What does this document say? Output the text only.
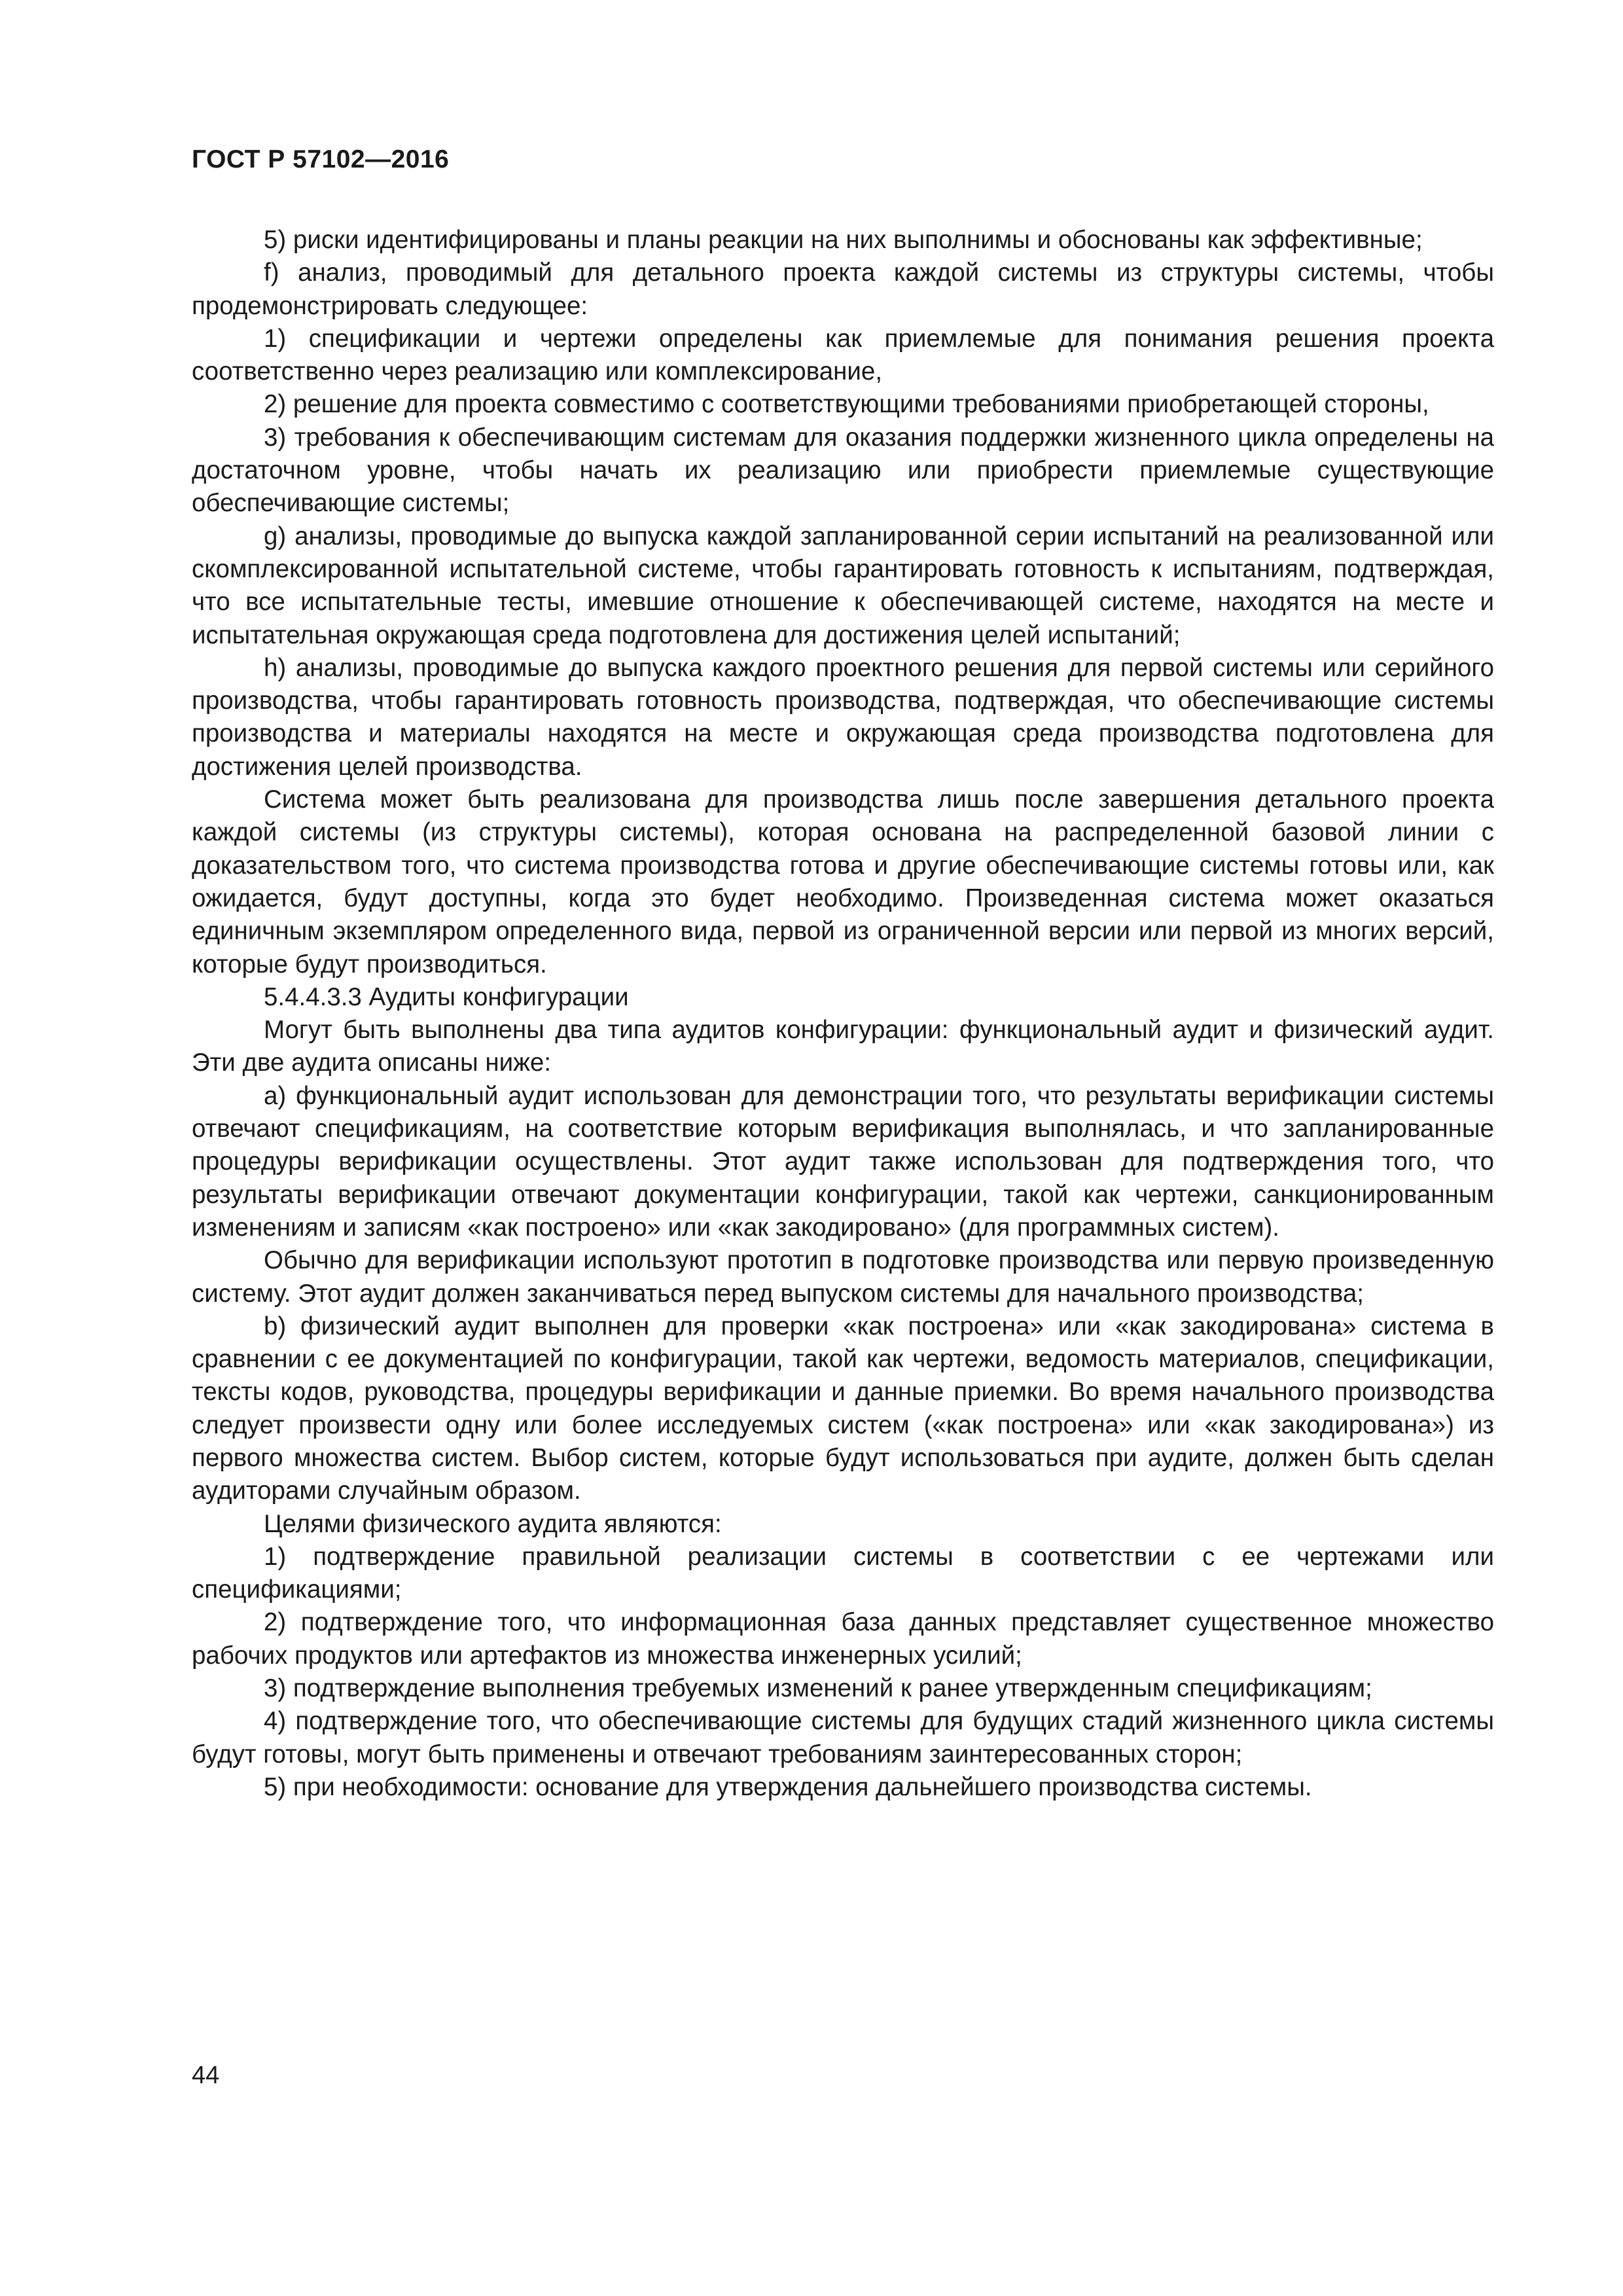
ГОСТ Р 57102—2016

5) риски идентифицированы и планы реакции на них выполнимы и обоснованы как эффективные;

f) анализ, проводимый для детального проекта каждой системы из структуры системы, чтобы продемонстрировать следующее:

1) спецификации и чертежи определены как приемлемые для понимания решения проекта соответственно через реализацию или комплексирование,

2) решение для проекта совместимо с соответствующими требованиями приобретающей стороны,

3) требования к обеспечивающим системам для оказания поддержки жизненного цикла определены на достаточном уровне, чтобы начать их реализацию или приобрести приемлемые существующие обеспечивающие системы;

g) анализы, проводимые до выпуска каждой запланированной серии испытаний на реализованной или скомплексированной испытательной системе, чтобы гарантировать готовность к испытаниям, подтверждая, что все испытательные тесты, имевшие отношение к обеспечивающей системе, находятся на месте и испытательная окружающая среда подготовлена для достижения целей испытаний;

h) анализы, проводимые до выпуска каждого проектного решения для первой системы или серийного производства, чтобы гарантировать готовность производства, подтверждая, что обеспечивающие системы производства и материалы находятся на месте и окружающая среда производства подготовлена для достижения целей производства.

Система может быть реализована для производства лишь после завершения детального проекта каждой системы (из структуры системы), которая основана на распределенной базовой линии с доказательством того, что система производства готова и другие обеспечивающие системы готовы или, как ожидается, будут доступны, когда это будет необходимо. Произведенная система может оказаться единичным экземпляром определенного вида, первой из ограниченной версии или первой из многих версий, которые будут производиться.

5.4.4.3.3 Аудиты конфигурации

Могут быть выполнены два типа аудитов конфигурации: функциональный аудит и физический аудит. Эти две аудита описаны ниже:

a) функциональный аудит использован для демонстрации того, что результаты верификации системы отвечают спецификациям, на соответствие которым верификация выполнялась, и что запланированные процедуры верификации осуществлены. Этот аудит также использован для подтверждения того, что результаты верификации отвечают документации конфигурации, такой как чертежи, санкционированным изменениям и записям «как построено» или «как закодировано» (для программных систем).

Обычно для верификации используют прототип в подготовке производства или первую произведенную систему. Этот аудит должен заканчиваться перед выпуском системы для начального производства;

b) физический аудит выполнен для проверки «как построена» или «как закодирована» система в сравнении с ее документацией по конфигурации, такой как чертежи, ведомость материалов, спецификации, тексты кодов, руководства, процедуры верификации и данные приемки. Во время начального производства следует произвести одну или более исследуемых систем («как построена» или «как закодирована») из первого множества систем. Выбор систем, которые будут использоваться при аудите, должен быть сделан аудиторами случайным образом.

Целями физического аудита являются:

1) подтверждение правильной реализации системы в соответствии с ее чертежами или спецификациями;

2) подтверждение того, что информационная база данных представляет существенное множество рабочих продуктов или артефактов из множества инженерных усилий;

3) подтверждение выполнения требуемых изменений к ранее утвержденным спецификациям;

4) подтверждение того, что обеспечивающие системы для будущих стадий жизненного цикла системы будут готовы, могут быть применены и отвечают требованиям заинтересованных сторон;

5) при необходимости: основание для утверждения дальнейшего производства системы.

44
